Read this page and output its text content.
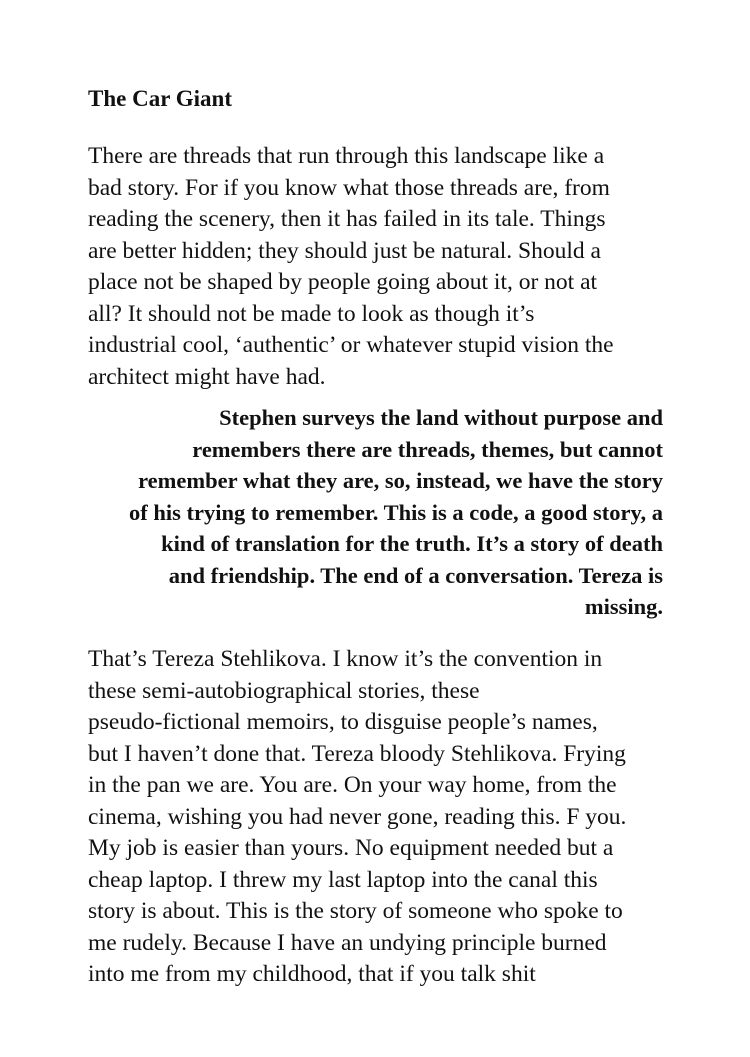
The Car Giant
There are threads that run through this landscape like a
bad story. For if you know what those threads are, from
reading the scenery, then it has failed in its tale. Things
are better hidden; they should just be natural. Should a
place not be shaped by people going about it, or not at
all? It should not be made to look as though it’s
industrial cool, ‘authentic’ or whatever stupid vision the
architect might have had.
Stephen surveys the land without purpose and
remembers there are threads, themes, but cannot
remember what they are, so, instead, we have the story
of his trying to remember. This is a code, a good story, a
kind of translation for the truth. It’s a story of death
and friendship. The end of a conversation. Tereza is
missing.
That’s Tereza Stehlikova. I know it’s the convention in
these semi-autobiographical stories, these
pseudo-fictional memoirs, to disguise people’s names,
but I haven’t done that. Tereza bloody Stehlikova. Frying
in the pan we are. You are. On your way home, from the
cinema, wishing you had never gone, reading this. F you.
My job is easier than yours. No equipment needed but a
cheap laptop. I threw my last laptop into the canal this
story is about. This is the story of someone who spoke to
me rudely. Because I have an undying principle burned
into me from my childhood, that if you talk shit
